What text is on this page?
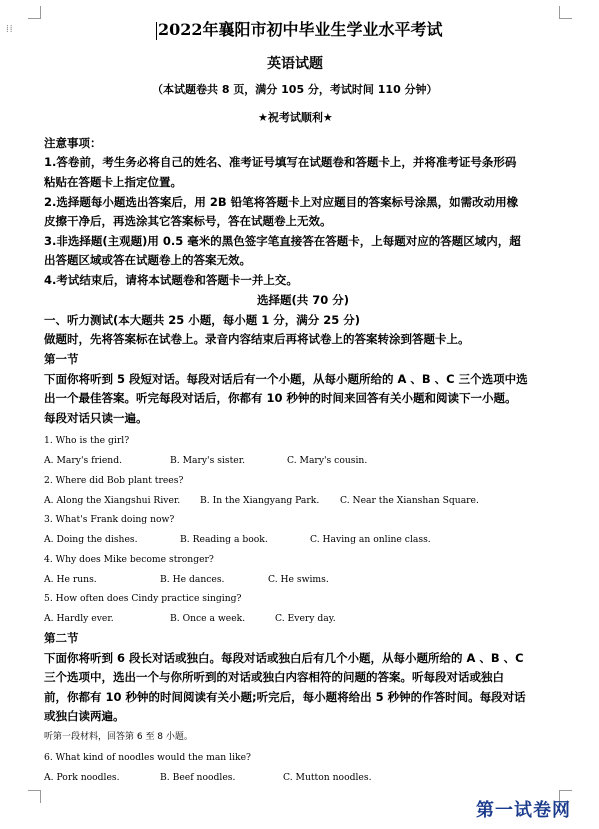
⁞⁞	2022年襄阳市初中毕业生学业水平考试
英语试题
（本试题卷共 8 页，满分 105 分，考试时间 110 分钟）
★祝考试顺利★
注意事项：
1.答卷前，考生务必将自己的姓名、准考证号填写在试题卷和答题卡上，并将准考证号条形码
粘贴在答题卡上指定位置。
2.选择题每小题选出答案后，用 2B 铅笔将答题卡上对应题目的答案标号涂黑，如需改动用橡
皮擦干净后，再选涂其它答案标号，答在试题卷上无效。
3.非选择题(主观题)用 0.5 毫米的黑色签字笔直接答在答题卡，上每题对应的答题区域内，超
出答题区域或答在试题卷上的答案无效。
4.考试结束后，请将本试题卷和答题卡一并上交。
选择题(共 70 分)
一、听力测试(本大题共 25 小题，每小题 1 分，满分 25 分)
做题时，先将答案标在试卷上。录音内容结束后再将试卷上的答案转涂到答题卡上。
第一节
下面你将听到 5 段短对话。每段对话后有一个小题，从每小题所给的 A 、B 、C 三个选项中选
出一个最佳答案。听完每段对话后，你都有 10 秒钟的时间来回答有关小题和阅读下一小题。
每段对话只读一遍。
1. Who is the girl?
A. Mary's friend.	B. Mary's sister.	C. Mary's cousin.
2. Where did Bob plant trees?
A. Along the Xiangshui River. B. In the Xiangyang Park. C. Near the Xianshan Square.
3. What's Frank doing now?
A. Doing the dishes.	B. Reading a book.	C. Having an online class.
4. Why does Mike become stronger?
A. He runs.	B. He dances.	C. He swims.
5. How often does Cindy practice singing?
A. Hardly ever.	B. Once a week.	C. Every day.
第二节
下面你将听到 6 段长对话或独白。每段对话或独白后有几个小题，从每小题所给的 A 、B 、C
三个选项中，选出一个与你所听到的对话或独白内容相符的问题的答案。听每段对话或独白
前，你都有 10 秒钟的时间阅读有关小题;听完后，每小题将给出 5 秒钟的作答时间。每段对话
或独白读两遍。
听第一段材料，回答第 6 至 8 小题。
6. What kind of noodles would the man like?
A. Pork noodles.	B. Beef noodles.	C. Mutton noodles.
第一试卷网
